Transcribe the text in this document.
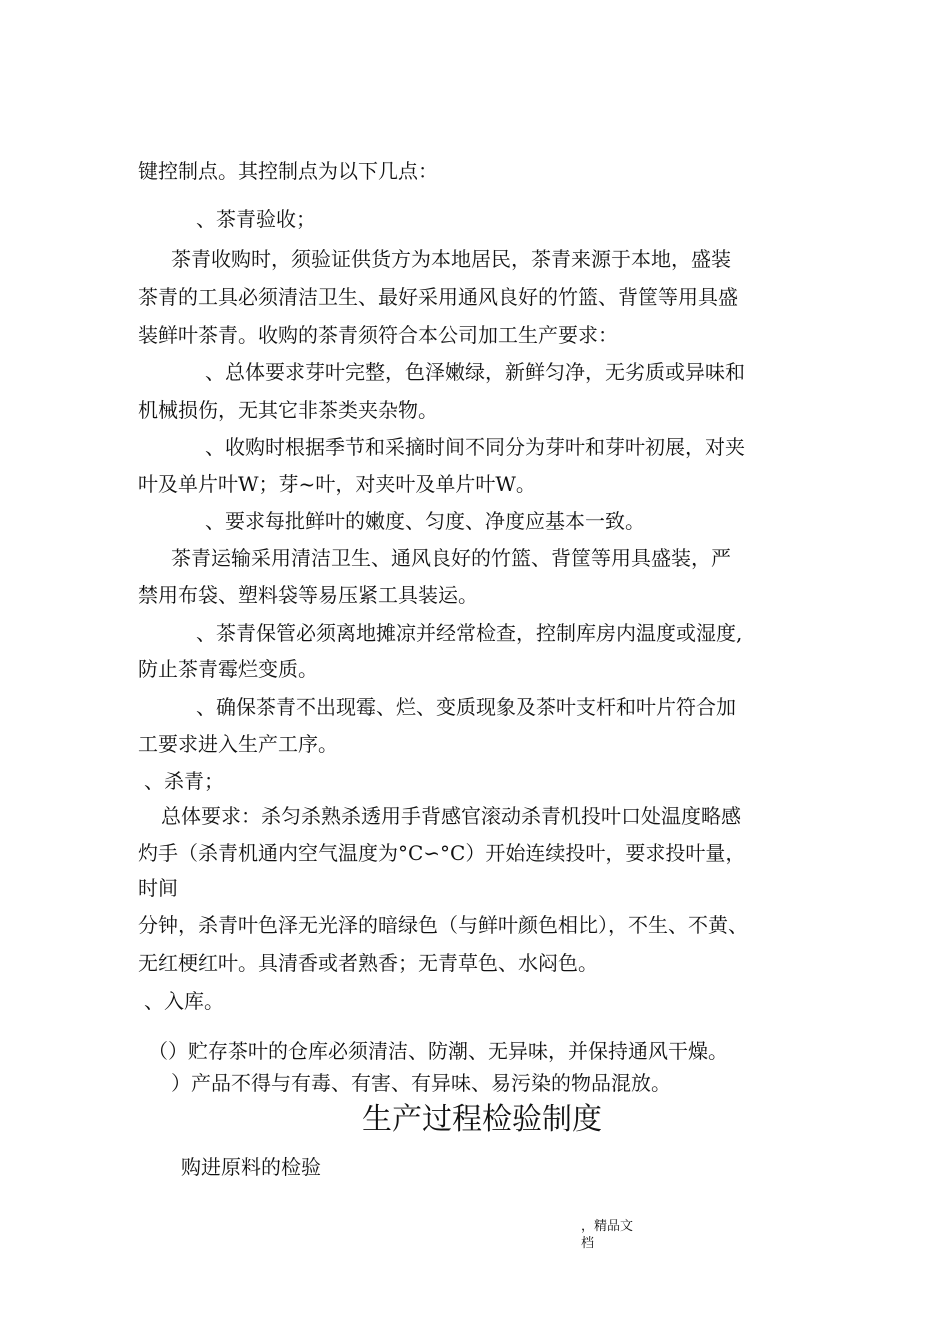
键控制点。其控制点为以下几点：
、茶青验收；
茶青收购时，须验证供货方为本地居民，茶青来源于本地，盛装
茶青的工具必须清洁卫生、最好采用通风良好的竹篮、背筐等用具盛
装鲜叶茶青。收购的茶青须符合本公司加工生产要求：
、总体要求芽叶完整，色泽嫩绿，新鲜匀净，无劣质或异味和
机械损伤，无其它非茶类夹杂物。
、收购时根据季节和采摘时间不同分为芽叶和芽叶初展，对夹
叶及单片叶W；芽~叶，对夹叶及单片叶W。
、要求每批鲜叶的嫩度、匀度、净度应基本一致。
茶青运输采用清洁卫生、通风良好的竹篮、背筐等用具盛装，严
禁用布袋、塑料袋等易压紧工具装运。
、茶青保管必须离地摊凉并经常检查，控制库房内温度或湿度,
防止茶青霉烂变质。
、确保茶青不出现霉、烂、变质现象及茶叶支杆和叶片符合加
工要求进入生产工序。
、杀青；
总体要求：杀匀杀熟杀透用手背感官滚动杀青机投叶口处温度略感
灼手（杀青机通内空气温度为°C∽°C）开始连续投叶，要求投叶量，
时间
分钟，杀青叶色泽无光泽的暗绿色（与鲜叶颜色相比），不生、不黄、
无红梗红叶。具清香或者熟香；无青草色、水闷色。
、入库。
（）贮存茶叶的仓库必须清洁、防潮、无异味，并保持通风干燥。
）产品不得与有毒、有害、有异味、易污染的物品混放。
生产过程检验制度
购进原料的检验
，精品文
档
